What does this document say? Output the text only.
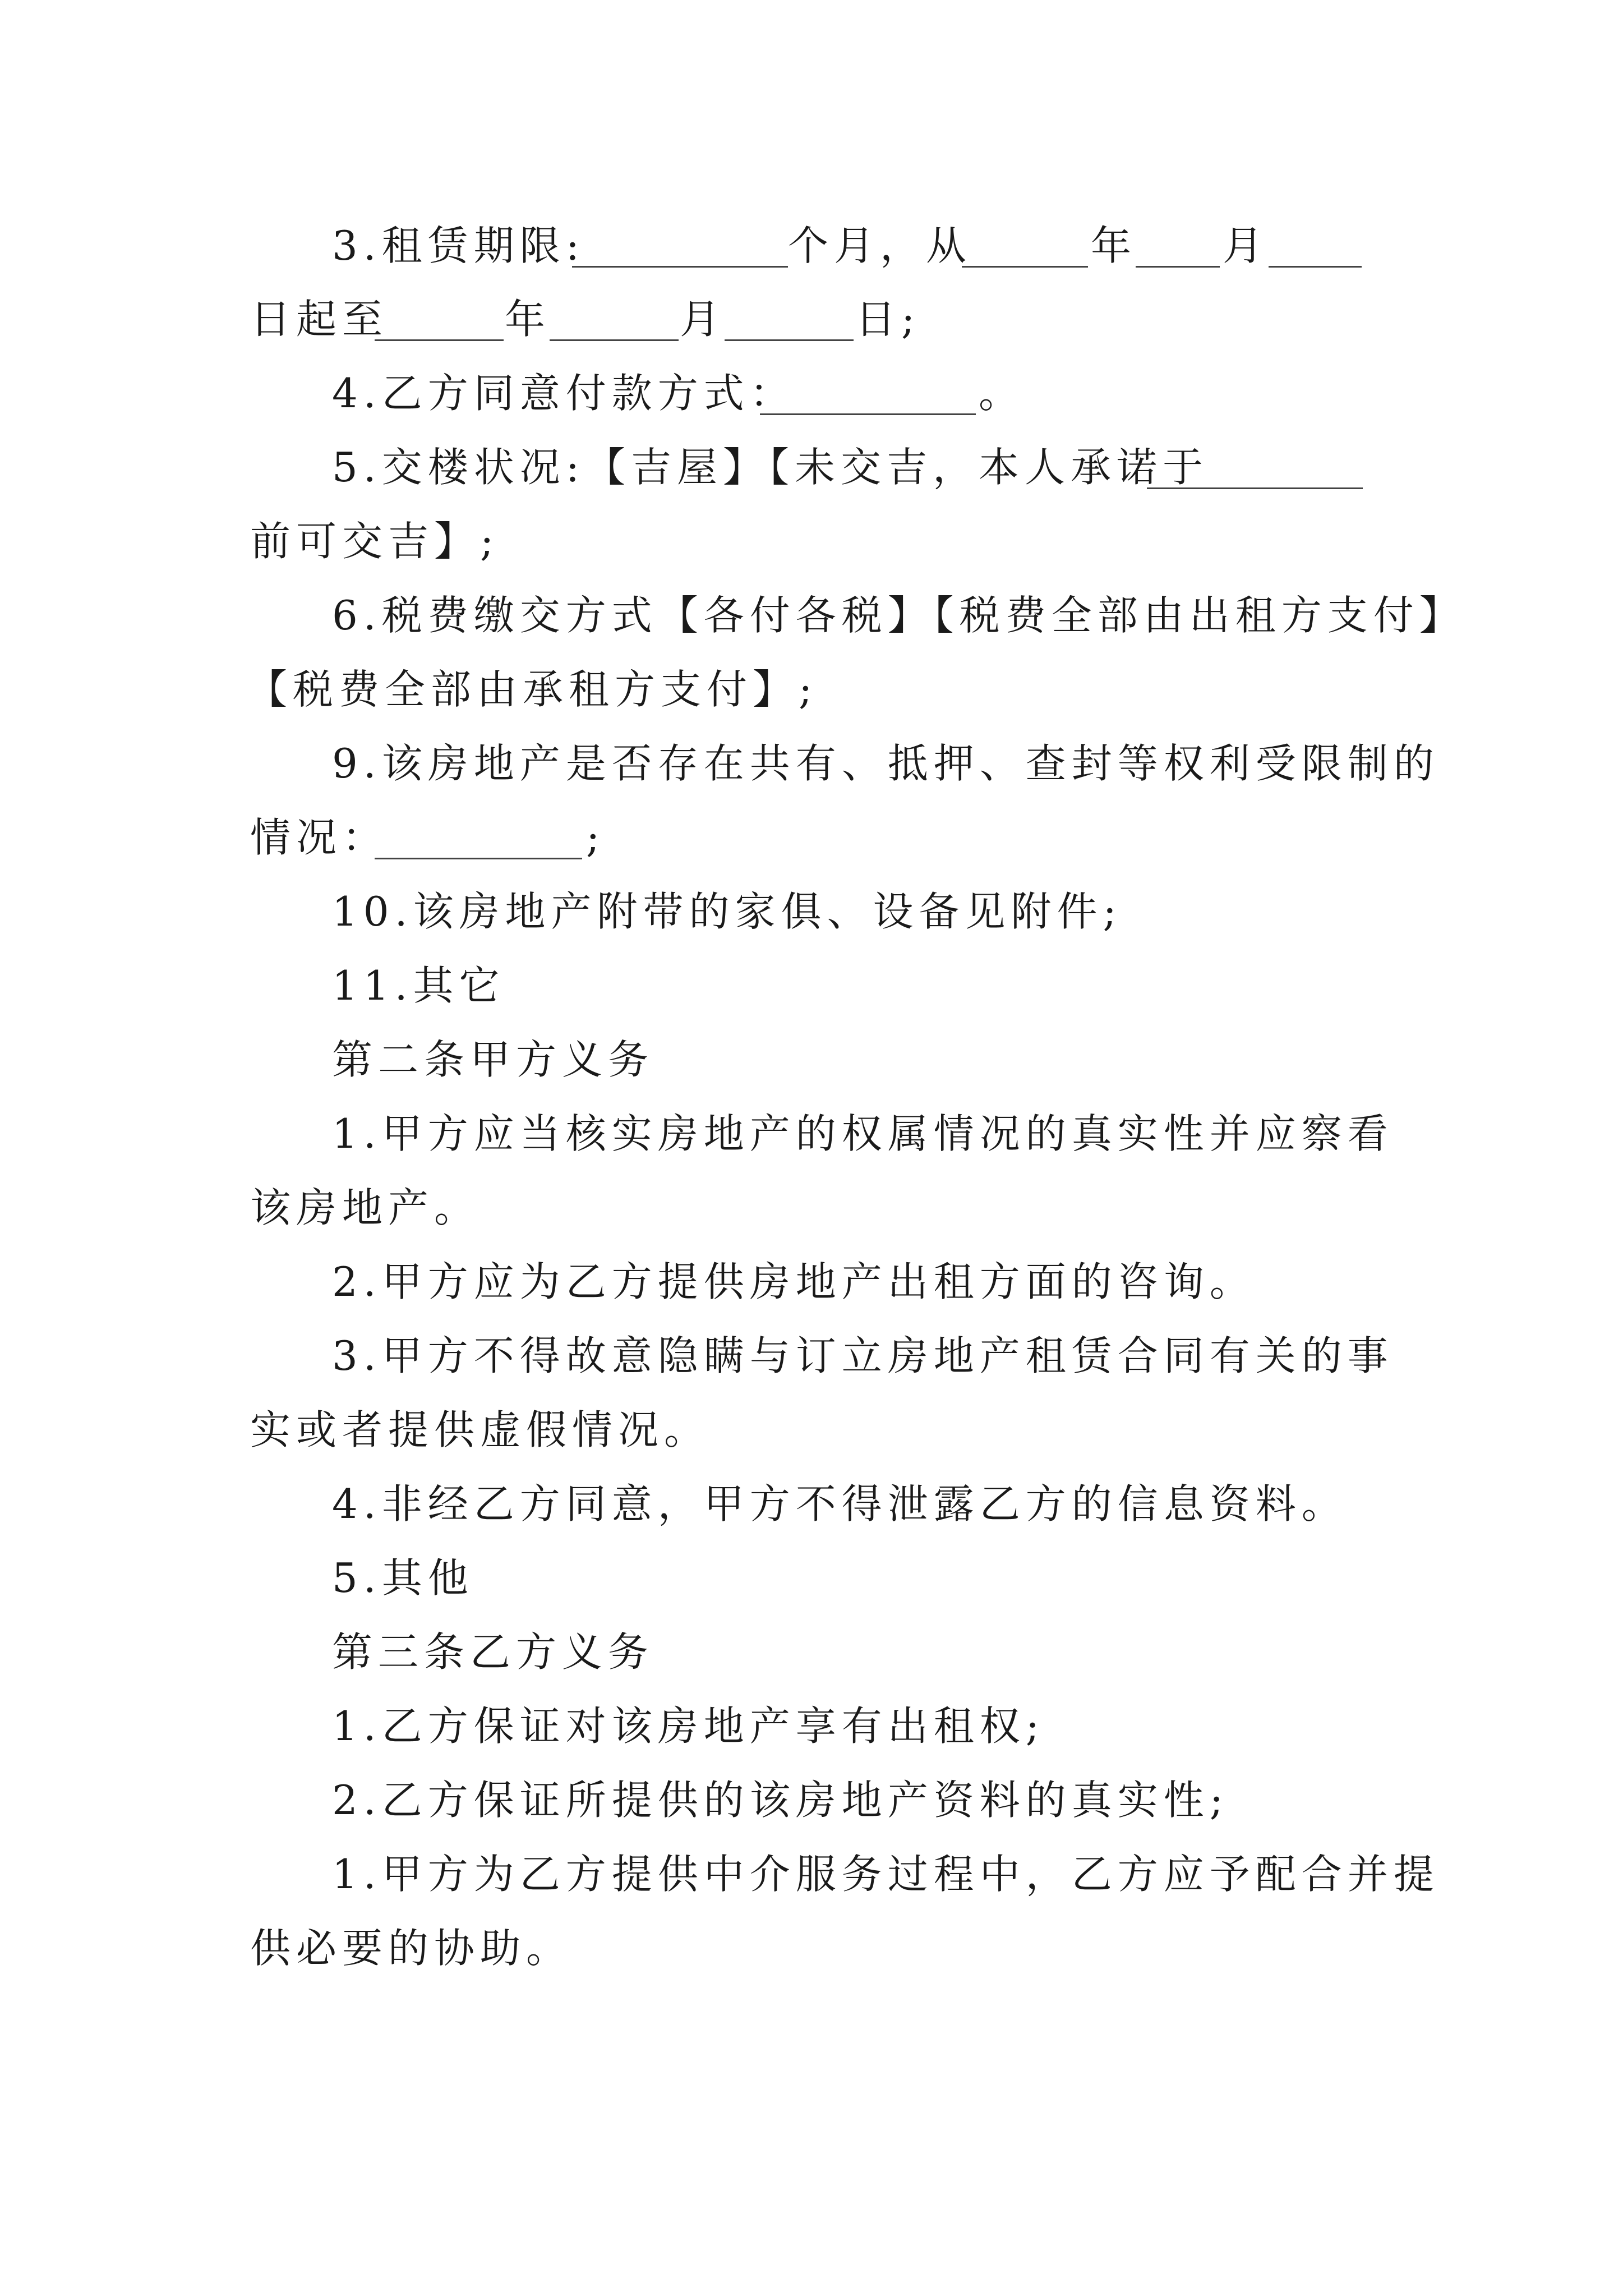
3.租赁期限:	个月，从	年 月
日起至	年	月	日;
4.乙方同意付款方式：	。
5.交楼状况:【吉屋】【未交吉，本人承诺于
前可交吉】;
6.税费缴交方式【各付各税】【税费全部由出租方支付】
【税费全部由承租方支付】;
9.该房地产是否存在共有、抵押、查封等权利受限制的
情况：	;
10.该房地产附带的家俱、设备见附件;
11.其它
第二条甲方义务
1.甲方应当核实房地产的权属情况的真实性并应察看
该房地产。
2.甲方应为乙方提供房地产出租方面的咨询。
3.甲方不得故意隐瞒与订立房地产租赁合同有关的事
实或者提供虚假情况。
4.非经乙方同意，甲方不得泄露乙方的信息资料。
5.其他
第三条乙方义务
1.乙方保证对该房地产享有出租权;
2.乙方保证所提供的该房地产资料的真实性;
1.甲方为乙方提供中介服务过程中，乙方应予配合并提
供必要的协助。
